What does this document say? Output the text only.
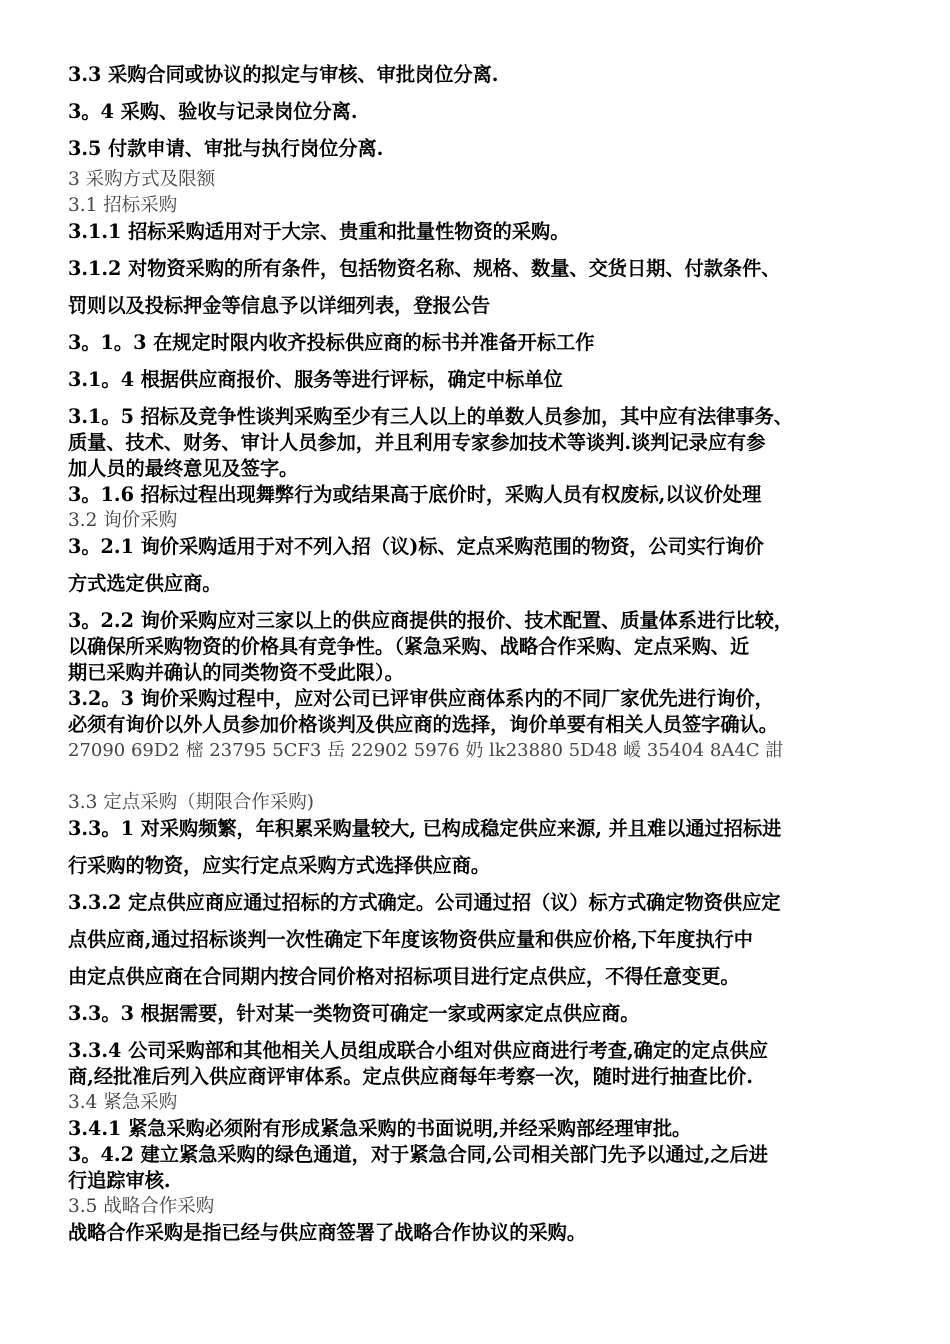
3.3 采购合同或协议的拟定与审核、审批岗位分离.

3。4 采购、验收与记录岗位分离.

3.5 付款申请、审批与执行岗位分离.

3 采购方式及限额

3.1 招标采购

3.1.1 招标采购适用对于大宗、贵重和批量性物资的采购。

3.1.2 对物资采购的所有条件，包括物资名称、规格、数量、交货日期、付款条件、

罚则以及投标押金等信息予以详细列表，登报公告

3。1。3 在规定时限内收齐投标供应商的标书并准备开标工作

3.1。4 根据供应商报价、服务等进行评标，确定中标单位

3.1。5 招标及竞争性谈判采购至少有三人以上的单数人员参加，其中应有法律事务、

质量、技术、财务、审计人员参加，并且利用专家参加技术等谈判.谈判记录应有参

加人员的最终意见及签字。

3。1.6 招标过程出现舞弊行为或结果高于底价时，采购人员有权废标,以议价处理

3.2 询价采购

3。2.1 询价采购适用于对不列入招（议)标、定点采购范围的物资，公司实行询价

方式选定供应商。

3。2.2 询价采购应对三家以上的供应商提供的报价、技术配置、质量体系进行比较，

以确保所采购物资的价格具有竞争性。（紧急采购、战略合作采购、定点采购、近

期已采购并确认的同类物资不受此限）。

3.2。3 询价采购过程中，应对公司已评审供应商体系内的不同厂家优先进行询价，

必须有询价以外人员参加价格谈判及供应商的选择，询价单要有相关人员签字确认。

27090 69D2 樒 23795 5CF3 岳 22902 5976 奶 lk23880 5D48 嵈 35404 8A4C 詌

3.3 定点采购（期限合作采购)

3.3。1 对采购频繁，年积累采购量较大, 已构成稳定供应来源, 并且难以通过招标进

行采购的物资，应实行定点采购方式选择供应商。

3.3.2 定点供应商应通过招标的方式确定。公司通过招（议）标方式确定物资供应定

点供应商,通过招标谈判一次性确定下年度该物资供应量和供应价格,下年度执行中

由定点供应商在合同期内按合同价格对招标项目进行定点供应，不得任意变更。

3.3。3 根据需要，针对某一类物资可确定一家或两家定点供应商。

3.3.4 公司采购部和其他相关人员组成联合小组对供应商进行考查,确定的定点供应

商,经批准后列入供应商评审体系。定点供应商每年考察一次，随时进行抽查比价.

3.4 紧急采购

3.4.1 紧急采购必须附有形成紧急采购的书面说明,并经采购部经理审批。

3。4.2 建立紧急采购的绿色通道，对于紧急合同,公司相关部门先予以通过,之后进

行追踪审核.

3.5 战略合作采购

战略合作采购是指已经与供应商签署了战略合作协议的采购。
